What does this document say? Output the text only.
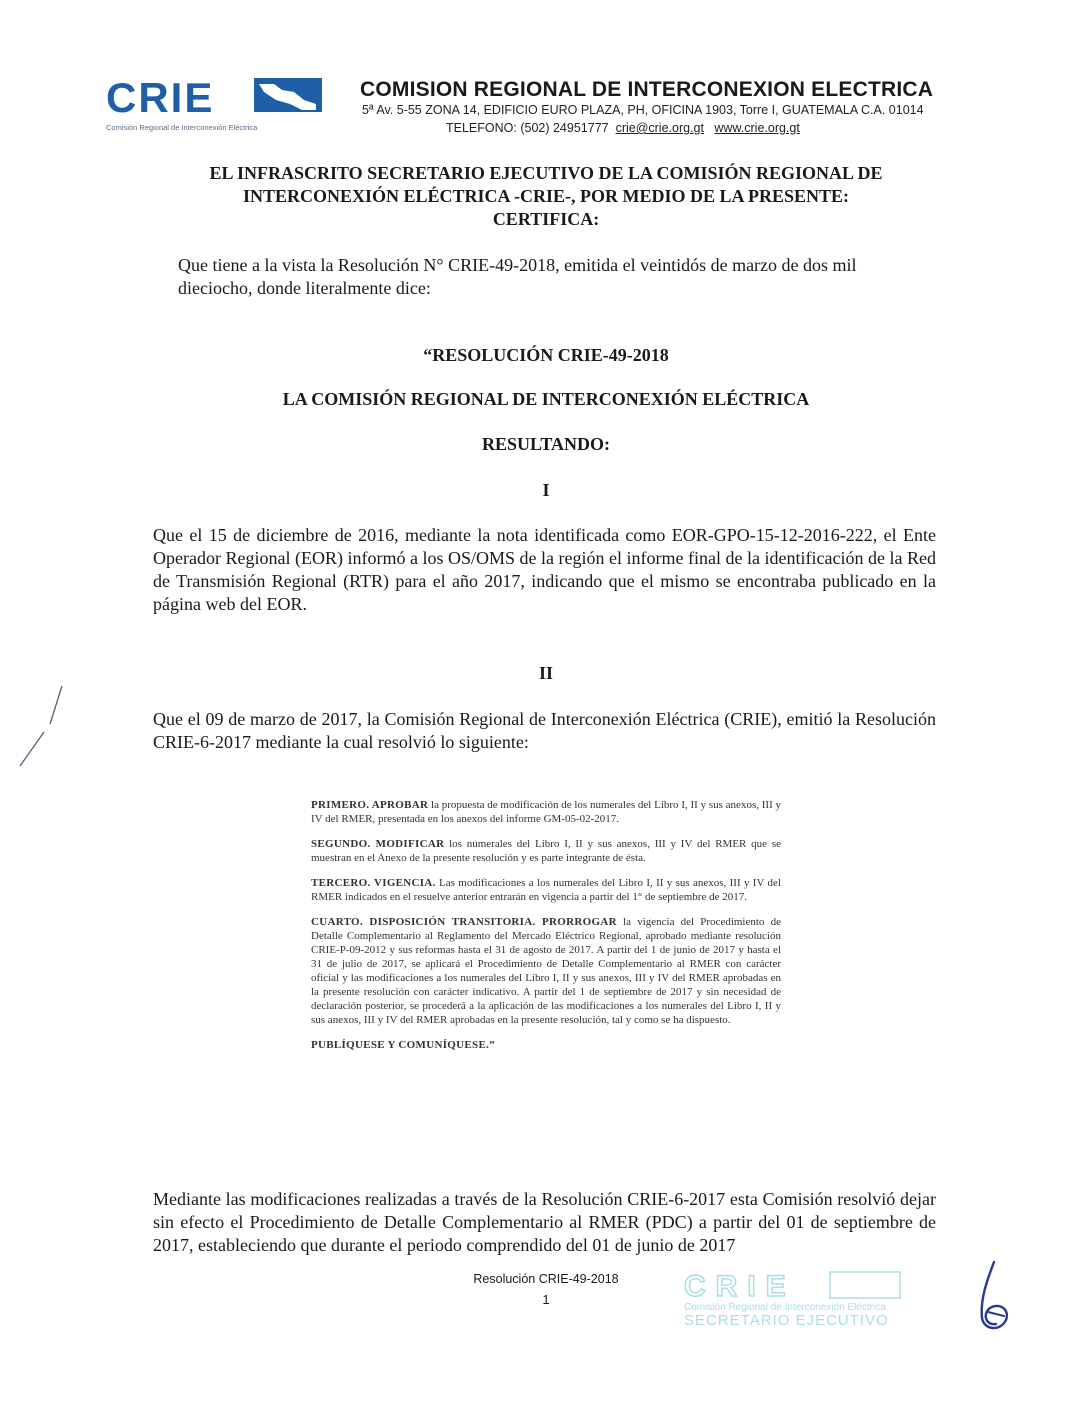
CRIE
Comisión Regional de Interconexión Eléctrica
COMISION REGIONAL DE INTERCONEXION ELECTRICA
5ª Av. 5-55 ZONA 14, EDIFICIO EURO PLAZA, PH, OFICINA 1903, Torre I, GUATEMALA C.A. 01014
TELEFONO: (502) 24951777 crie@crie.org.gt www.crie.org.gt
EL INFRASCRITO SECRETARIO EJECUTIVO DE LA COMISIÓN REGIONAL DE
INTERCONEXIÓN ELÉCTRICA -CRIE-, POR MEDIO DE LA PRESENTE:
CERTIFICA:
Que tiene a la vista la Resolución N° CRIE-49-2018, emitida el veintidós de marzo de dos mil dieciocho, donde literalmente dice:
“RESOLUCIÓN CRIE-49-2018
LA COMISIÓN REGIONAL DE INTERCONEXIÓN ELÉCTRICA
RESULTANDO:
I
Que el 15 de diciembre de 2016, mediante la nota identificada como EOR-GPO-15-12-2016-222, el Ente Operador Regional (EOR) informó a los OS/OMS de la región el informe final de la identificación de la Red de Transmisión Regional (RTR) para el año 2017, indicando que el mismo se encontraba publicado en la página web del EOR.
II
Que el 09 de marzo de 2017, la Comisión Regional de Interconexión Eléctrica (CRIE), emitió la Resolución CRIE-6-2017 mediante la cual resolvió lo siguiente:

PRIMERO. APROBAR la propuesta de modificación de los numerales del Libro I, II y sus anexos, III y IV del RMER, presentada en los anexos del informe GM-05-02-2017.

SEGUNDO. MODIFICAR los numerales del Libro I, II y sus anexos, III y IV del RMER que se muestran en el Anexo de la presente resolución y es parte integrante de ésta.

TERCERO. VIGENCIA. Las modificaciones a los numerales del Libro I, II y sus anexos, III y IV del RMER indicados en el resuelve anterior entrarán en vigencia a partir del 1° de septiembre de 2017.

CUARTO. DISPOSICIÓN TRANSITORIA. PRORROGAR la vigencia del Procedimiento de Detalle Complementario al Reglamento del Mercado Eléctrico Regional, aprobado mediante resolución CRIE-P-09-2012 y sus reformas hasta el 31 de agosto de 2017. A partir del 1 de junio de 2017 y hasta el 31 de julio de 2017, se aplicará el Procedimiento de Detalle Complementario al RMER con carácter oficial y las modificaciones a los numerales del Libro I, II y sus anexos, III y IV del RMER aprobadas en la presente resolución con carácter indicativo. A partir del 1 de septiembre de 2017 y sin necesidad de declaración posterior, se procederá a la aplicación de las modificaciones a los numerales del Libro I, II y sus anexos, III y IV del RMER aprobadas en la presente resolución, tal y como se ha dispuesto.

PUBLÍQUESE Y COMUNÍQUESE.”

Mediante las modificaciones realizadas a través de la Resolución CRIE-6-2017 esta Comisión resolvió dejar sin efecto el Procedimiento de Detalle Complementario al RMER (PDC) a partir del 01 de septiembre de 2017, estableciendo que durante el periodo comprendido del 01 de junio de 2017
Resolución CRIE-49-2018
1	CRIE
Comisión Regional de Interconexión Eléctrica
SECRETARIO EJECUTIVO
